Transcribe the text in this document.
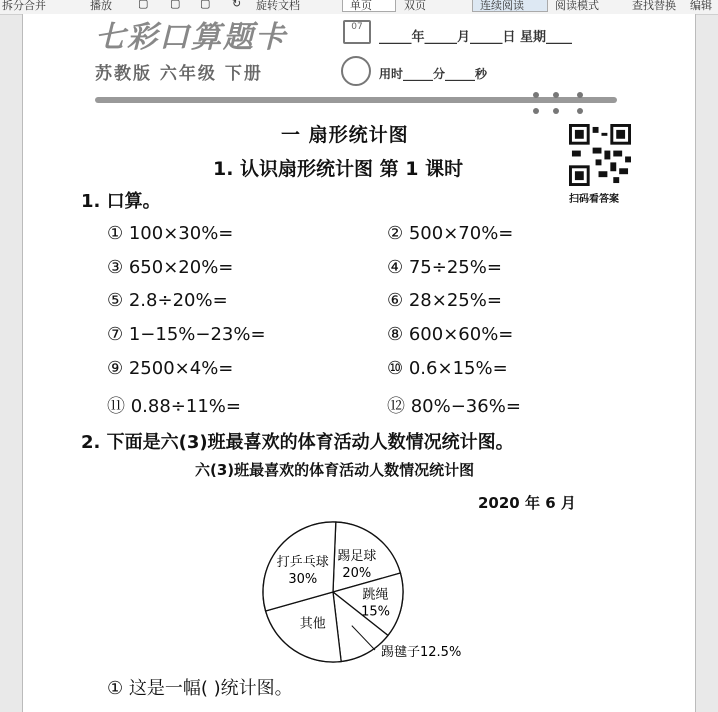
拆分合并	播放 ▢ ▢ ▢ ↻ 旋转文档	单页	双页	连续阅读	阅读模式	查找替换 编辑
七彩口算题卡
苏教版 六年级 下册
07
_____年_____月_____日 星期____
用时_____分_____秒
一 扇形统计图
1. 认识扇形统计图 第 1 课时
扫码看答案
1. 口算。
① 100×30%=	② 500×70%=
③ 650×20%=	④ 75÷25%=
⑤ 2.8÷20%=	⑥ 28×25%=
⑦ 1−15%−23%=	⑧ 600×60%=
⑨ 2500×4%=	⑩ 0.6×15%=
⑪ 0.88÷11%=	⑫ 80%−36%=
2. 下面是六(3)班最喜欢的体育活动人数情况统计图。
六(3)班最喜欢的体育活动人数情况统计图
2020 年 6 月
踢足球
20%
跳绳
15%
踢毽子12.5%
其他
打乒乓球
30%
① 这是一幅( )统计图。
